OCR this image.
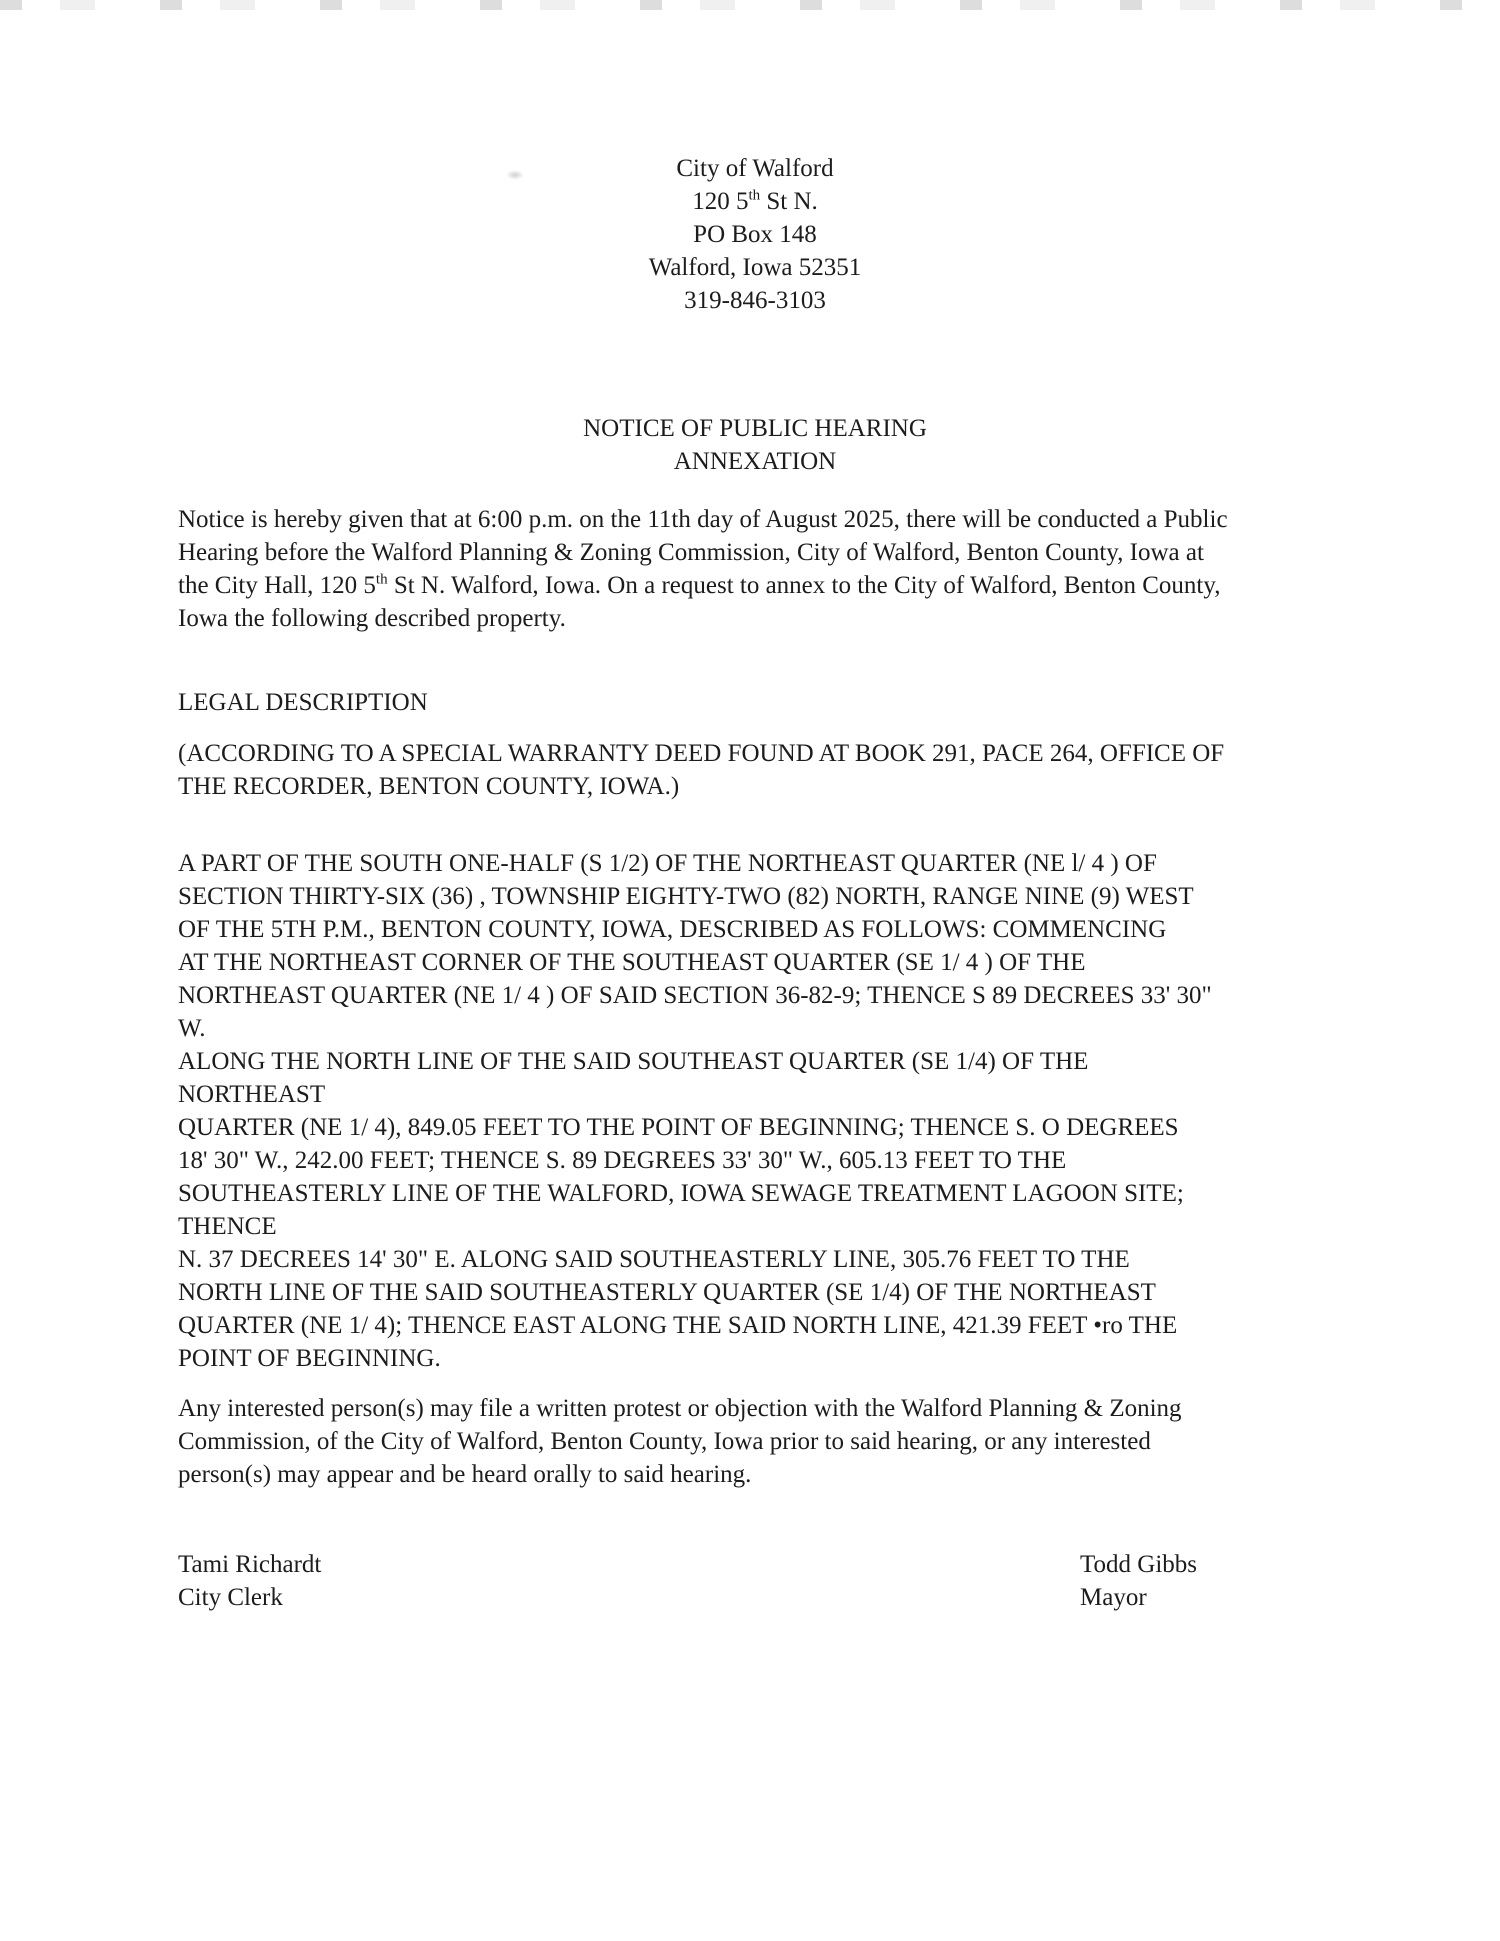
City of Walford
120 5th St N.
PO Box 148
Walford, Iowa 52351
319-846-3103
NOTICE OF PUBLIC HEARING
ANNEXATION
Notice is hereby given that at 6:00 p.m. on the 11th day of August 2025, there will be conducted a Public
Hearing before the Walford Planning & Zoning Commission, City of Walford, Benton County, Iowa at
the City Hall, 120 5th St N. Walford, Iowa. On a request to annex to the City of Walford, Benton County,
Iowa the following described property.
LEGAL DESCRIPTION
(ACCORDING TO A SPECIAL WARRANTY DEED FOUND AT BOOK 291, PACE 264, OFFICE OF
THE RECORDER, BENTON COUNTY, IOWA.)
A PART OF THE SOUTH ONE-HALF (S 1/2) OF THE NORTHEAST QUARTER (NE l/ 4 ) OF
SECTION THIRTY-SIX (36) , TOWNSHIP EIGHTY-TWO (82) NORTH, RANGE NINE (9) WEST
OF THE 5TH P.M., BENTON COUNTY, IOWA, DESCRIBED AS FOLLOWS: COMMENCING
AT THE NORTHEAST CORNER OF THE SOUTHEAST QUARTER (SE 1/ 4 ) OF THE
NORTHEAST QUARTER (NE 1/ 4 ) OF SAID SECTION 36-82-9; THENCE S 89 DECREES 33' 30"
W.
ALONG THE NORTH LINE OF THE SAID SOUTHEAST QUARTER (SE 1/4) OF THE
NORTHEAST
QUARTER (NE 1/ 4), 849.05 FEET TO THE POINT OF BEGINNING; THENCE S. O DEGREES
18' 30" W., 242.00 FEET; THENCE S. 89 DEGREES 33' 30" W., 605.13 FEET TO THE
SOUTHEASTERLY LINE OF THE WALFORD, IOWA SEWAGE TREATMENT LAGOON SITE;
THENCE
N. 37 DECREES 14' 30" E. ALONG SAID SOUTHEASTERLY LINE, 305.76 FEET TO THE
NORTH LINE OF THE SAID SOUTHEASTERLY QUARTER (SE 1/4) OF THE NORTHEAST
QUARTER (NE 1/ 4); THENCE EAST ALONG THE SAID NORTH LINE, 421.39 FEET •ro THE
POINT OF BEGINNING.
Any interested person(s) may file a written protest or objection with the Walford Planning & Zoning
Commission, of the City of Walford, Benton County, Iowa prior to said hearing, or any interested
person(s) may appear and be heard orally to said hearing.
Tami Richardt
City Clerk
Todd Gibbs
Mayor
